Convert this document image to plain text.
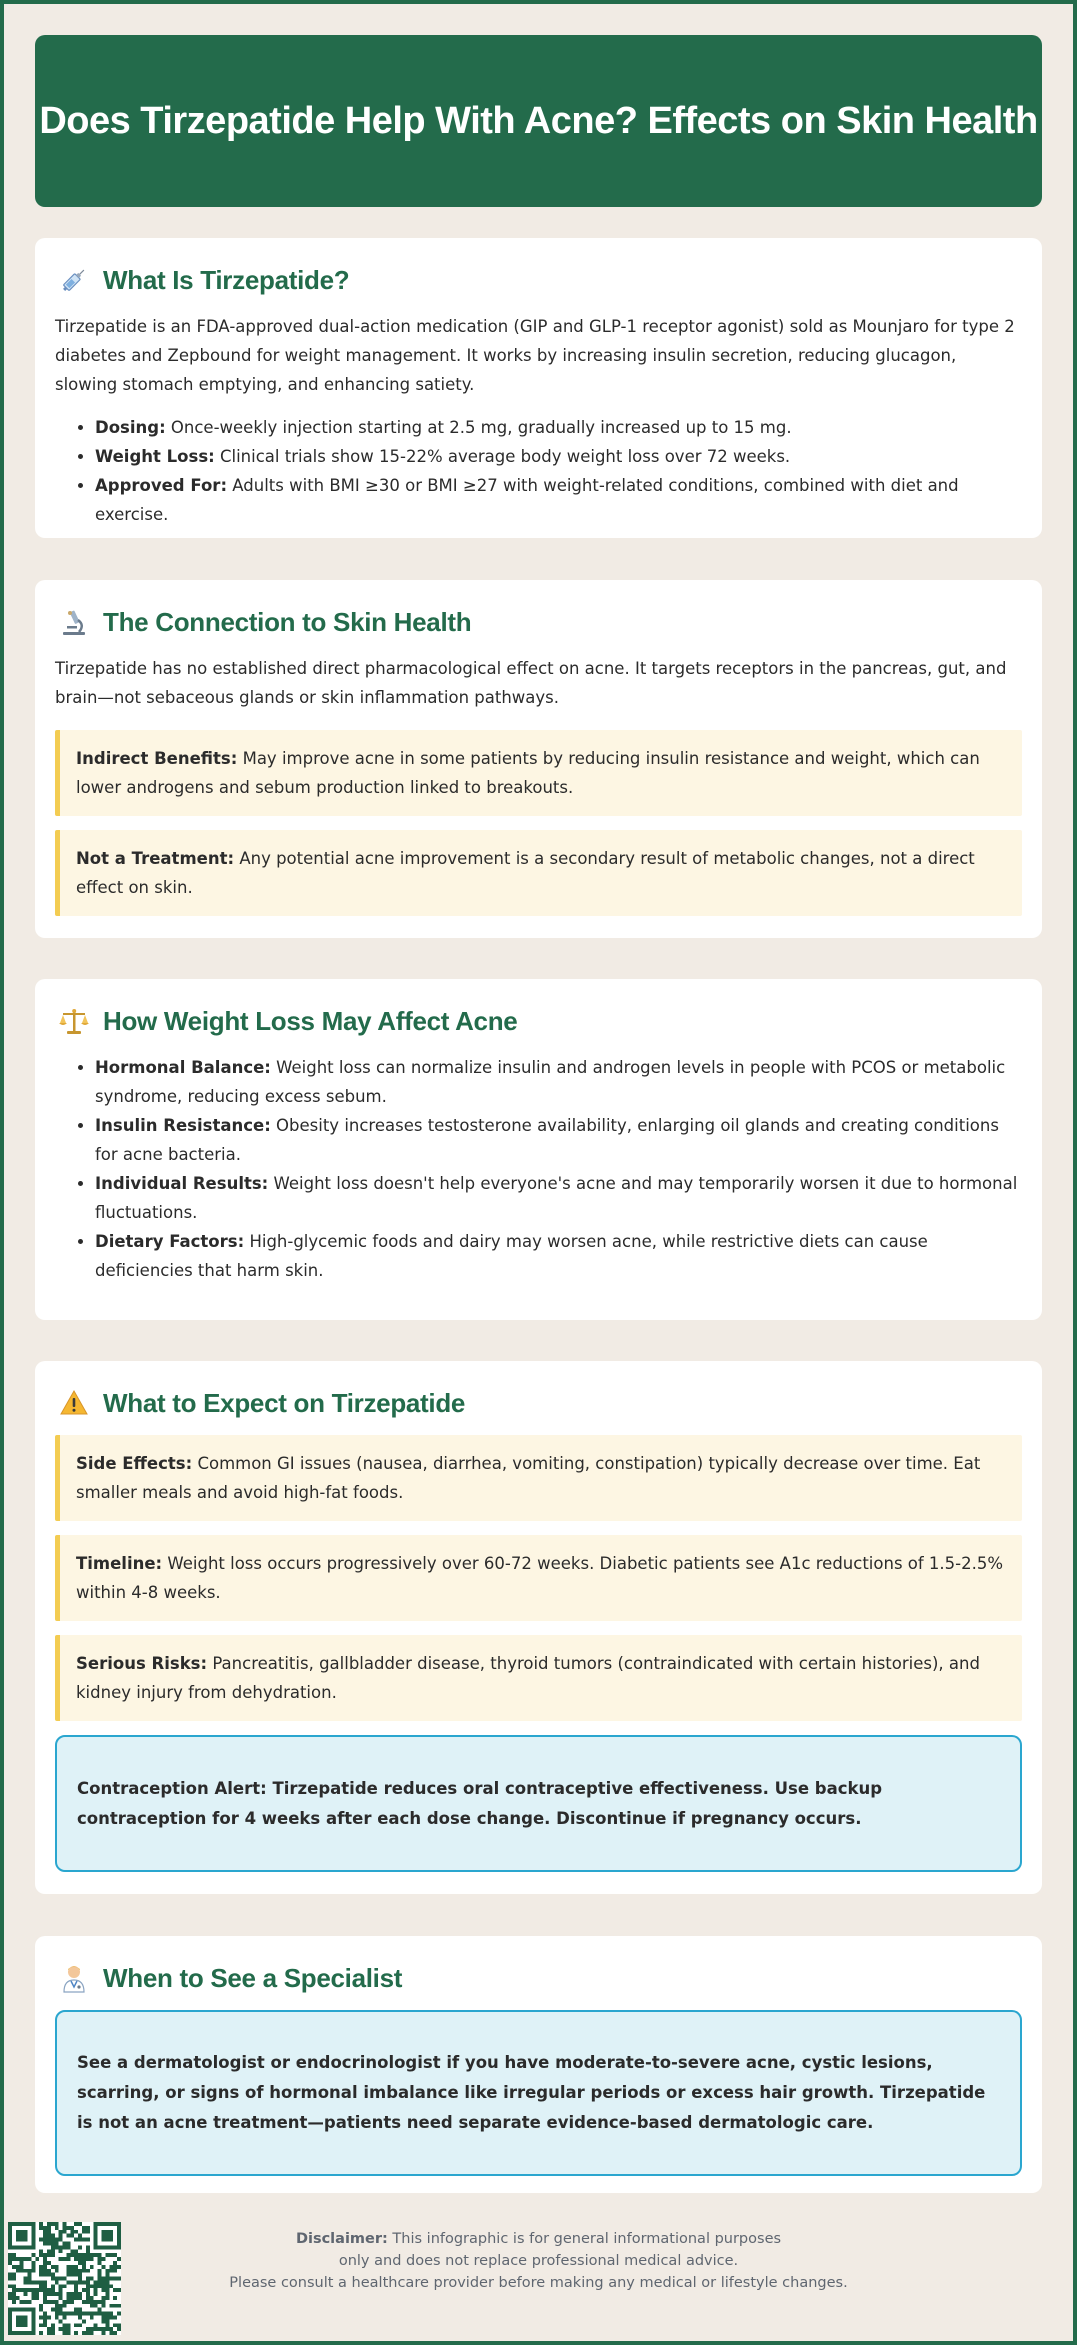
Does Tirzepatide Help With Acne? Effects on Skin Health
What Is Tirzepatide?

Tirzepatide is an FDA-approved dual-action medication (GIP and GLP-1 receptor agonist) sold as Mounjaro for type 2 diabetes and Zepbound for weight management. It works by increasing insulin secretion, reducing glucagon, slowing stomach emptying, and enhancing satiety.

• Dosing: Once-weekly injection starting at 2.5 mg, gradually increased up to 15 mg.
• Weight Loss: Clinical trials show 15-22% average body weight loss over 72 weeks.
• Approved For: Adults with BMI ≥30 or BMI ≥27 with weight-related conditions, combined with diet and exercise.
The Connection to Skin Health

Tirzepatide has no established direct pharmacological effect on acne. It targets receptors in the pancreas, gut, and brain—not sebaceous glands or skin inflammation pathways.

Indirect Benefits: May improve acne in some patients by reducing insulin resistance and weight, which can lower androgens and sebum production linked to breakouts.
Not a Treatment: Any potential acne improvement is a secondary result of metabolic changes, not a direct effect on skin.
How Weight Loss May Affect Acne
• Hormonal Balance: Weight loss can normalize insulin and androgen levels in people with PCOS or metabolic syndrome, reducing excess sebum.
• Insulin Resistance: Obesity increases testosterone availability, enlarging oil glands and creating conditions for acne bacteria.
• Individual Results: Weight loss doesn't help everyone's acne and may temporarily worsen it due to hormonal fluctuations.
• Dietary Factors: High-glycemic foods and dairy may worsen acne, while restrictive diets can cause deficiencies that harm skin.
What to Expect on Tirzepatide
Side Effects: Common GI issues (nausea, diarrhea, vomiting, constipation) typically decrease over time. Eat smaller meals and avoid high-fat foods.
Timeline: Weight loss occurs progressively over 60-72 weeks. Diabetic patients see A1c reductions of 1.5-2.5% within 4-8 weeks.
Serious Risks: Pancreatitis, gallbladder disease, thyroid tumors (contraindicated with certain histories), and kidney injury from dehydration.
Contraception Alert: Tirzepatide reduces oral contraceptive effectiveness. Use backup contraception for 4 weeks after each dose change. Discontinue if pregnancy occurs.
When to See a Specialist
See a dermatologist or endocrinologist if you have moderate-to-severe acne, cystic lesions, scarring, or signs of hormonal imbalance like irregular periods or excess hair growth. Tirzepatide is not an acne treatment—patients need separate evidence-based dermatologic care.
Disclaimer: This infographic is for general informational purposes
only and does not replace professional medical advice.
Please consult a healthcare provider before making any medical or lifestyle changes.
